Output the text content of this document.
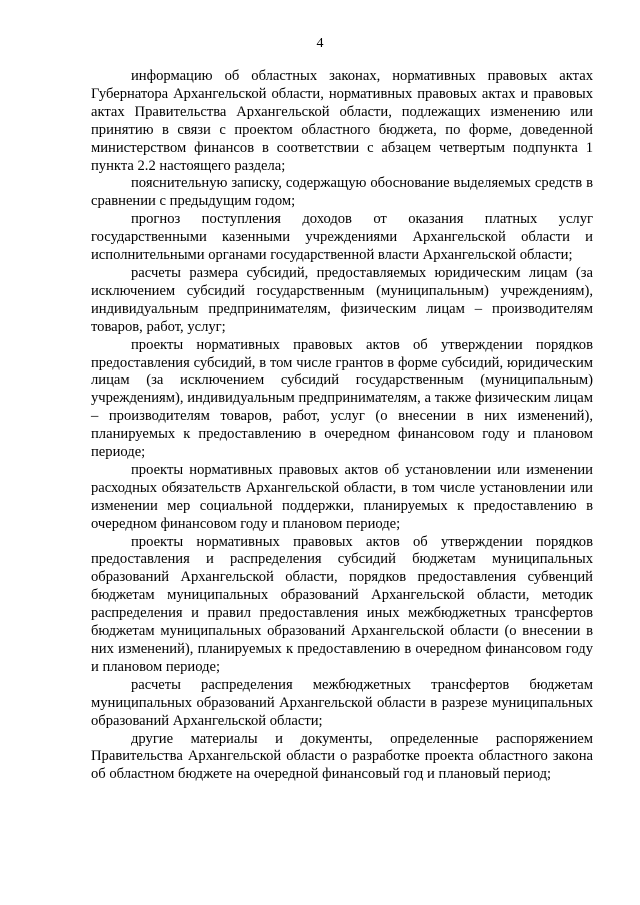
4

информацию об областных законах, нормативных правовых актах Губернатора Архангельской области, нормативных правовых актах и правовых актах Правительства Архангельской области, подлежащих изменению или принятию в связи с проектом областного бюджета, по форме, доведенной министерством финансов в соответствии с абзацем четвертым подпункта 1 пункта 2.2 настоящего раздела;

пояснительную записку, содержащую обоснование выделяемых средств в сравнении с предыдущим годом;

прогноз поступления доходов от оказания платных услуг государственными казенными учреждениями Архангельской области и исполнительными органами государственной власти Архангельской области;

расчеты размера субсидий, предоставляемых юридическим лицам (за исключением субсидий государственным (муниципальным) учреждениям), индивидуальным предпринимателям, физическим лицам – производителям товаров, работ, услуг;

проекты нормативных правовых актов об утверждении порядков предоставления субсидий, в том числе грантов в форме субсидий, юридическим лицам (за исключением субсидий государственным (муниципальным) учреждениям), индивидуальным предпринимателям, а также физическим лицам – производителям товаров, работ, услуг (о внесении в них изменений), планируемых к предоставлению в очередном финансовом году и плановом периоде;

проекты нормативных правовых актов об установлении или изменении расходных обязательств Архангельской области, в том числе установлении или изменении мер социальной поддержки, планируемых к предоставлению в очередном финансовом году и плановом периоде;

проекты нормативных правовых актов об утверждении порядков предоставления и распределения субсидий бюджетам муниципальных образований Архангельской области, порядков предоставления субвенций бюджетам муниципальных образований Архангельской области, методик распределения и правил предоставления иных межбюджетных трансфертов бюджетам муниципальных образований Архангельской области (о внесении в них изменений), планируемых к предоставлению в очередном финансовом году и плановом периоде;

расчеты распределения межбюджетных трансфертов бюджетам муниципальных образований Архангельской области в разрезе муниципальных образований Архангельской области;

другие материалы и документы, определенные распоряжением Правительства Архангельской области о разработке проекта областного закона об областном бюджете на очередной финансовый год и плановый период;
